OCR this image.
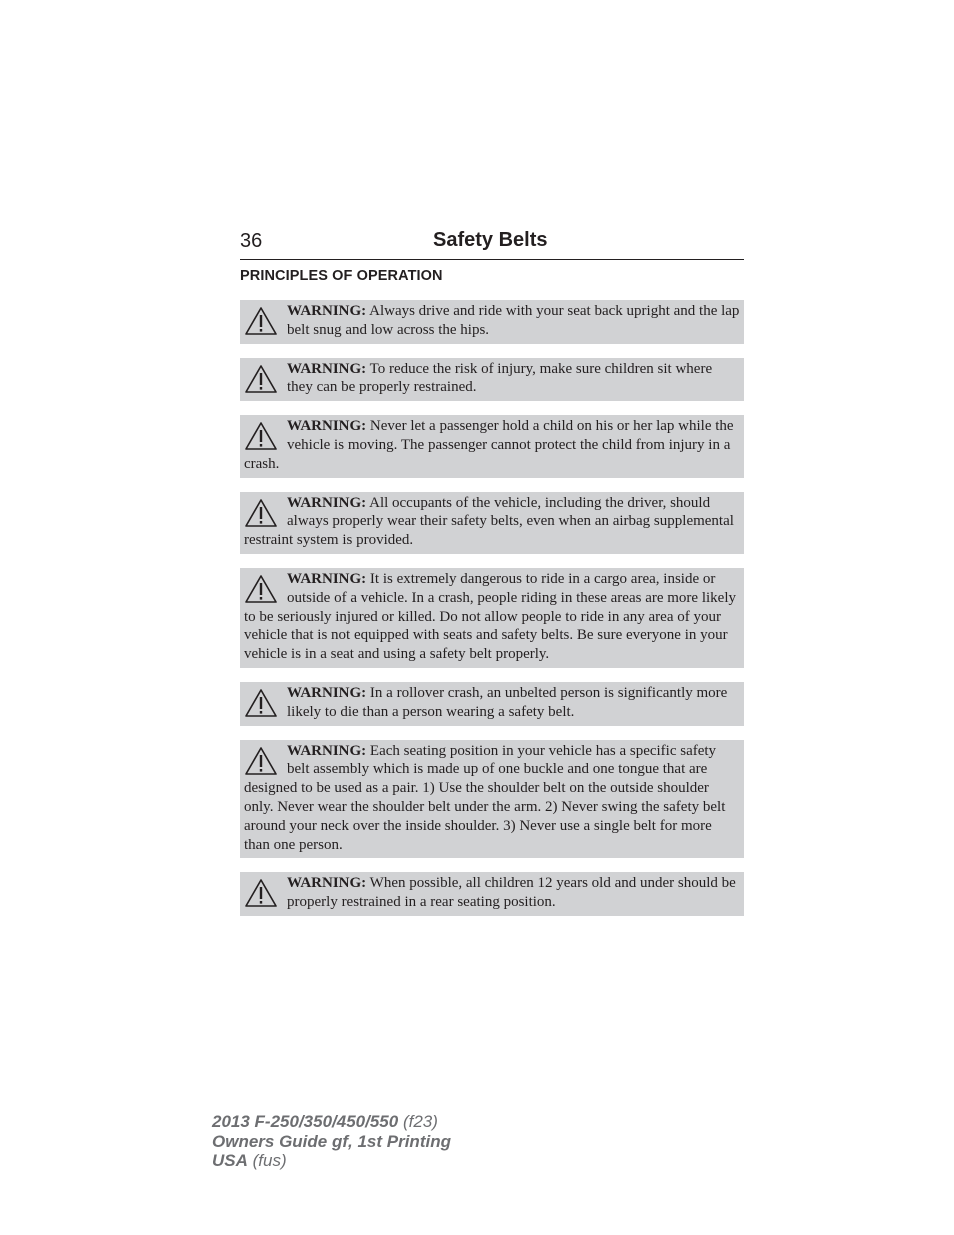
36	Safety Belts
PRINCIPLES OF OPERATION
WARNING: Always drive and ride with your seat back upright and the lap belt snug and low across the hips.
WARNING: To reduce the risk of injury, make sure children sit where they can be properly restrained.
WARNING: Never let a passenger hold a child on his or her lap while the vehicle is moving. The passenger cannot protect the child from injury in a crash.
WARNING: All occupants of the vehicle, including the driver, should always properly wear their safety belts, even when an airbag supplemental restraint system is provided.
WARNING: It is extremely dangerous to ride in a cargo area, inside or outside of a vehicle. In a crash, people riding in these areas are more likely to be seriously injured or killed. Do not allow people to ride in any area of your vehicle that is not equipped with seats and safety belts. Be sure everyone in your vehicle is in a seat and using a safety belt properly.
WARNING: In a rollover crash, an unbelted person is significantly more likely to die than a person wearing a safety belt.
WARNING: Each seating position in your vehicle has a specific safety belt assembly which is made up of one buckle and one tongue that are designed to be used as a pair. 1) Use the shoulder belt on the outside shoulder only. Never wear the shoulder belt under the arm. 2) Never swing the safety belt around your neck over the inside shoulder. 3) Never use a single belt for more than one person.
WARNING: When possible, all children 12 years old and under should be properly restrained in a rear seating position.
2013 F-250/350/450/550 (f23)
Owners Guide gf, 1st Printing
USA (fus)
